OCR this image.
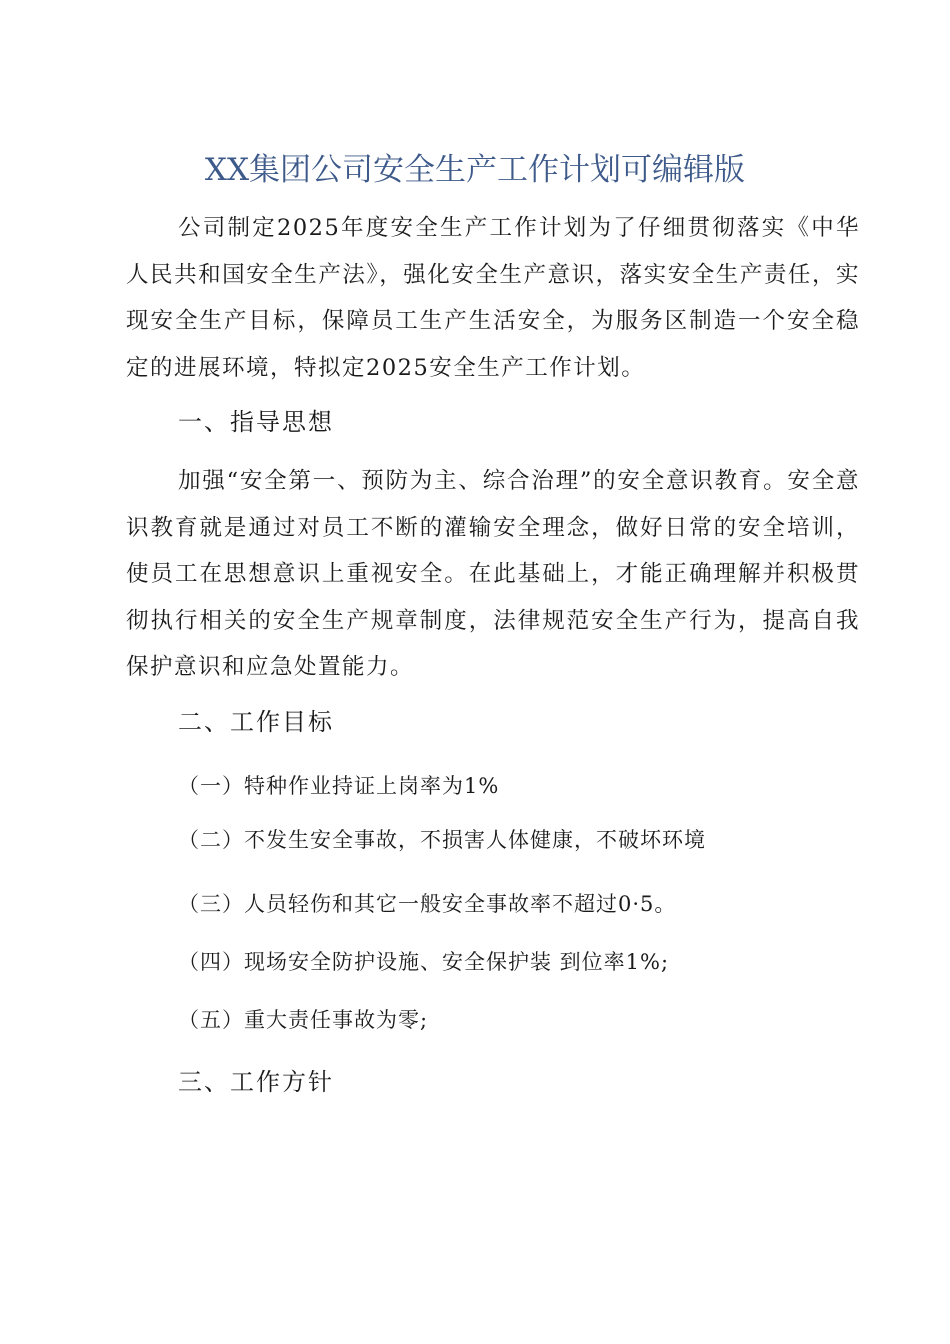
XX集团公司安全生产工作计划可编辑版
公司制定2025年度安全生产工作计划为了仔细贯彻落实《中华人民共和国安全生产法》，强化安全生产意识，落实安全生产责任，实现安全生产目标，保障员工生产生活安全，为服务区制造一个安全稳定的进展环境，特拟定2025安全生产工作计划。
一、指导思想
加强“安全第一、预防为主、综合治理”的安全意识教育。安全意识教育就是通过对员工不断的灌输安全理念，做好日常的安全培训，使员工在思想意识上重视安全。在此基础上，才能正确理解并积极贯彻执行相关的安全生产规章制度，法律规范安全生产行为，提高自我保护意识和应急处置能力。
二、工作目标
（一）特种作业持证上岗率为1%
（二）不发生安全事故，不损害人体健康，不破坏环境
（三）人员轻伤和其它一般安全事故率不超过0·5。
（四）现场安全防护设施、安全保护装 到位率1%;
（五）重大责任事故为零;
三、工作方针
